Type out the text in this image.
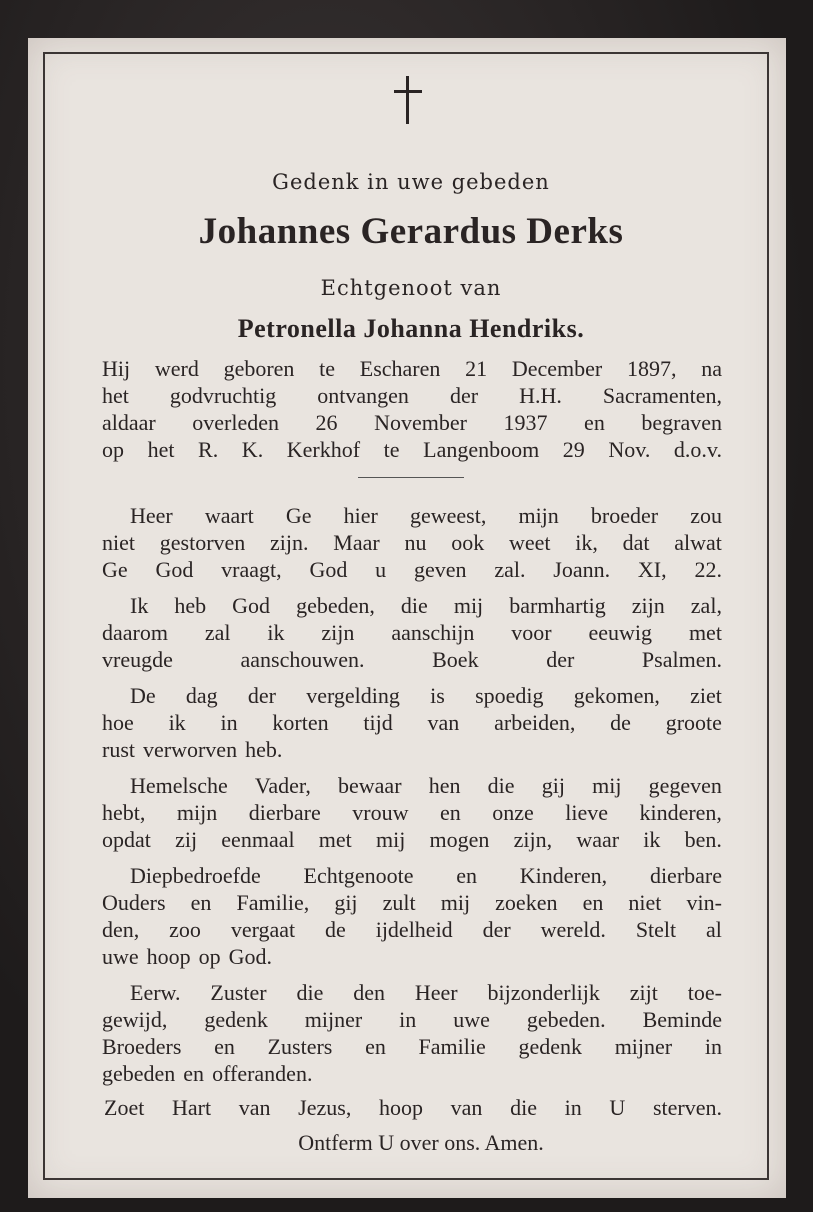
Gedenk in uwe gebeden
Johannes Gerardus Derks
Echtgenoot van
Petronella Johanna Hendriks.
Hij werd geboren te Escharen 21 December 1897, na
het godvruchtig ontvangen der H.H. Sacramenten,
aldaar overleden 26 November 1937 en begraven
op het R. K. Kerkhof te Langenboom 29 Nov. d.o.v.
Heer waart Ge hier geweest, mijn broeder zou
niet gestorven zijn. Maar nu ook weet ik, dat alwat
Ge God vraagt, God u geven zal. Joann. XI, 22.
Ik heb God gebeden, die mij barmhartig zijn zal,
daarom zal ik zijn aanschijn voor eeuwig met
vreugde	aanschouwen.	Boek	der	Psalmen.
De dag der vergelding is spoedig gekomen, ziet
hoe ik in korten tijd van arbeiden, de groote
rust verworven heb.
Hemelsche Vader, bewaar hen die gij mij gegeven
hebt, mijn dierbare vrouw en onze lieve kinderen,
opdat zij eenmaal met mij mogen zijn, waar ik ben.
Diepbedroefde Echtgenoote en Kinderen, dierbare
Ouders en Familie, gij zult mij zoeken en niet vin-
den, zoo vergaat de ijdelheid der wereld. Stelt al
uwe hoop op God.
Eerw. Zuster die den Heer bijzonderlijk zijt toe-
gewijd, gedenk mijner in uwe gebeden. Beminde
Broeders en Zusters en Familie gedenk mijner in
gebeden en offeranden.
Zoet Hart van Jezus, hoop van die in U sterven.
Ontferm U over ons. Amen.
